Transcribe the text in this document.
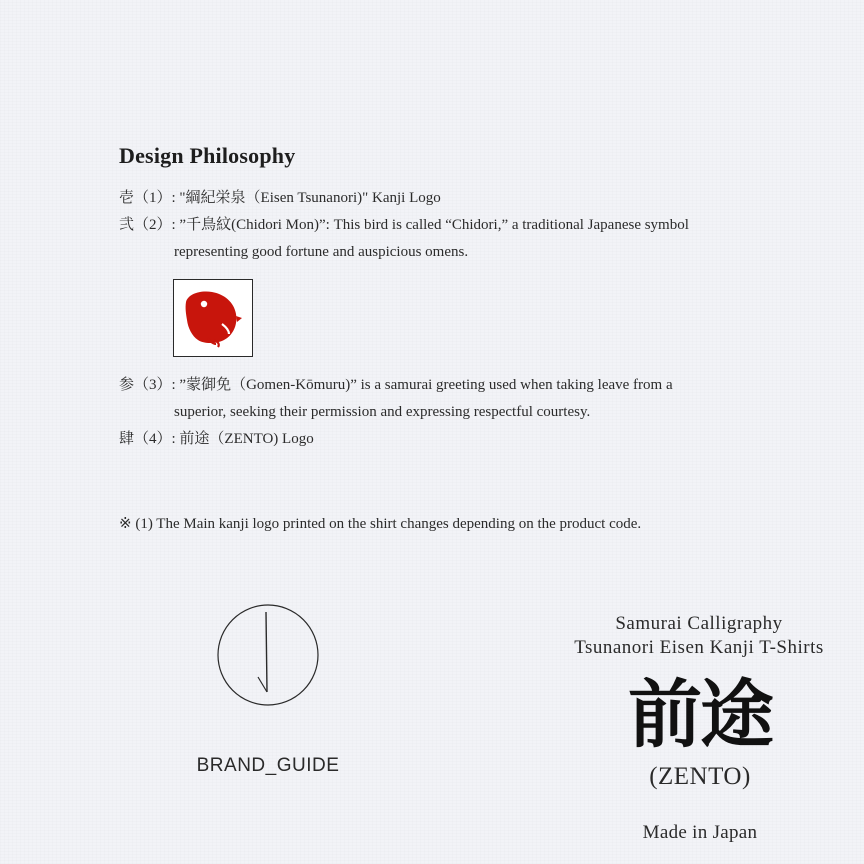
Design Philosophy
壱（1）: "綱紀栄泉（Eisen Tsunanori)" Kanji Logo
弐（2）: ”千鳥紋(Chidori Mon)”: This bird is called “Chidori,” a traditional Japanese symbol
representing good fortune and auspicious omens.
参（3）: ”蒙御免（Gomen-Kōmuru)” is a samurai greeting used when taking leave from a
superior, seeking their permission and expressing respectful courtesy.
肆（4）: 前途（ZENTO) Logo
※ (1) The Main kanji logo printed on the shirt changes depending on the product code.
BRAND_GUIDE
Samurai Calligraphy
Tsunanori Eisen Kanji T-Shirts
前途
(ZENTO)
Made in Japan
